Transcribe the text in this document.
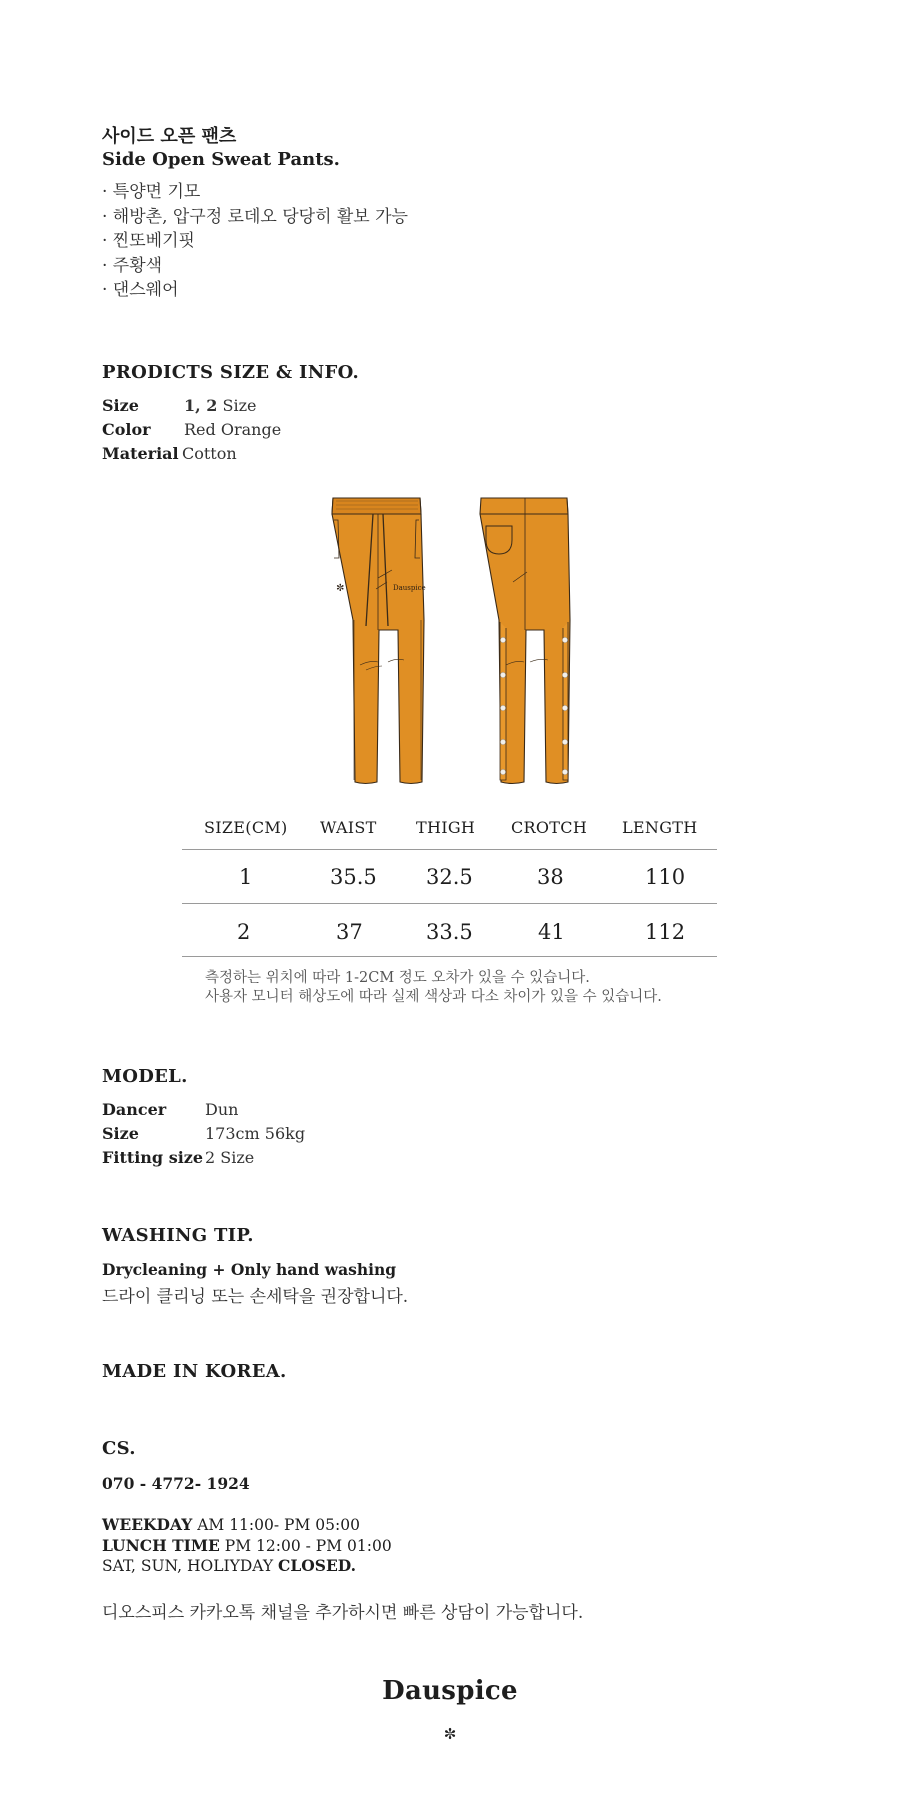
사이드 오픈 팬츠
Side Open Sweat Pants.
· 특양면 기모
· 해방촌, 압구정 로데오 당당히 활보 가능
· 찐또베기핏
· 주황색
· 댄스웨어
PRODICTS SIZE & INFO.
Size	1, 2 Size
Color Red Orange
Material Cotton
Dauspice
✼
SIZE(CM) WAIST THIGH CROTCH LENGTH
1	35.5 32.5	38	110
2	37	33.5	41	112
측정하는 위치에 따라 1-2CM 정도 오차가 있을 수 있습니다.
사용자 모니터 해상도에 따라 실제 색상과 다소 차이가 있을 수 있습니다.
MODEL.
Dancer Dun
Size	173cm 56kg
Fitting size 2 Size
WASHING TIP.
Drycleaning + Only hand washing
드라이 클리닝 또는 손세탁을 권장합니다.
MADE IN KOREA.
CS.
070 - 4772- 1924
WEEKDAY AM 11:00- PM 05:00
LUNCH TIME PM 12:00 - PM 01:00
SAT, SUN, HOLIYDAY CLOSED.
디오스피스 카카오톡 채널을 추가하시면 빠른 상담이 가능합니다.
Dauspice
✼
